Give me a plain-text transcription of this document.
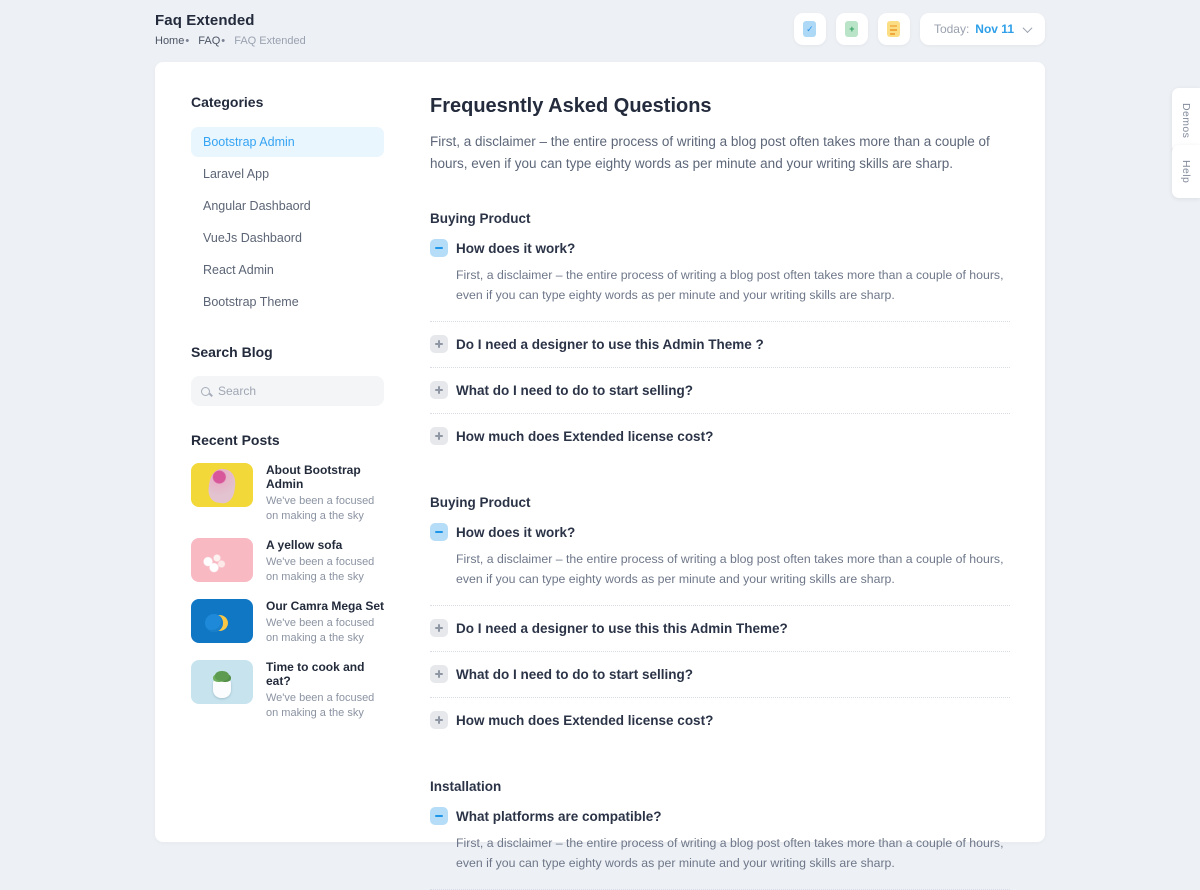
Faq Extended
Home• FAQ• FAQ Extended
✓	+	Today: Nov 11
Categories
Bootstrap Admin
Laravel App
Angular Dashbaord
VueJs Dashbaord
React Admin
Bootstrap Theme
Search Blog
Search
Recent Posts
About Bootstrap Admin
We've been a focused on making a the sky
A yellow sofa
We've been a focused on making a the sky
Our Camra Mega Set
We've been a focused on making a the sky
Time to cook and eat?
We've been a focused on making a the sky
Frequesntly Asked Questions
First, a disclaimer – the entire process of writing a blog post often takes more than a couple of hours, even if you can type eighty words as per minute and your writing skills are sharp.
Buying Product
How does it work?
First, a disclaimer – the entire process of writing a blog post often takes more than a couple of hours, even if you can type eighty words as per minute and your writing skills are sharp.
Do I need a designer to use this Admin Theme ?
What do I need to do to start selling?
How much does Extended license cost?
Buying Product
How does it work?
First, a disclaimer – the entire process of writing a blog post often takes more than a couple of hours, even if you can type eighty words as per minute and your writing skills are sharp.
Do I need a designer to use this this Admin Theme?
What do I need to do to start selling?
How much does Extended license cost?
Installation
What platforms are compatible?
First, a disclaimer – the entire process of writing a blog post often takes more than a couple of hours, even if you can type eighty words as per minute and your writing skills are sharp.
Demos
Help
